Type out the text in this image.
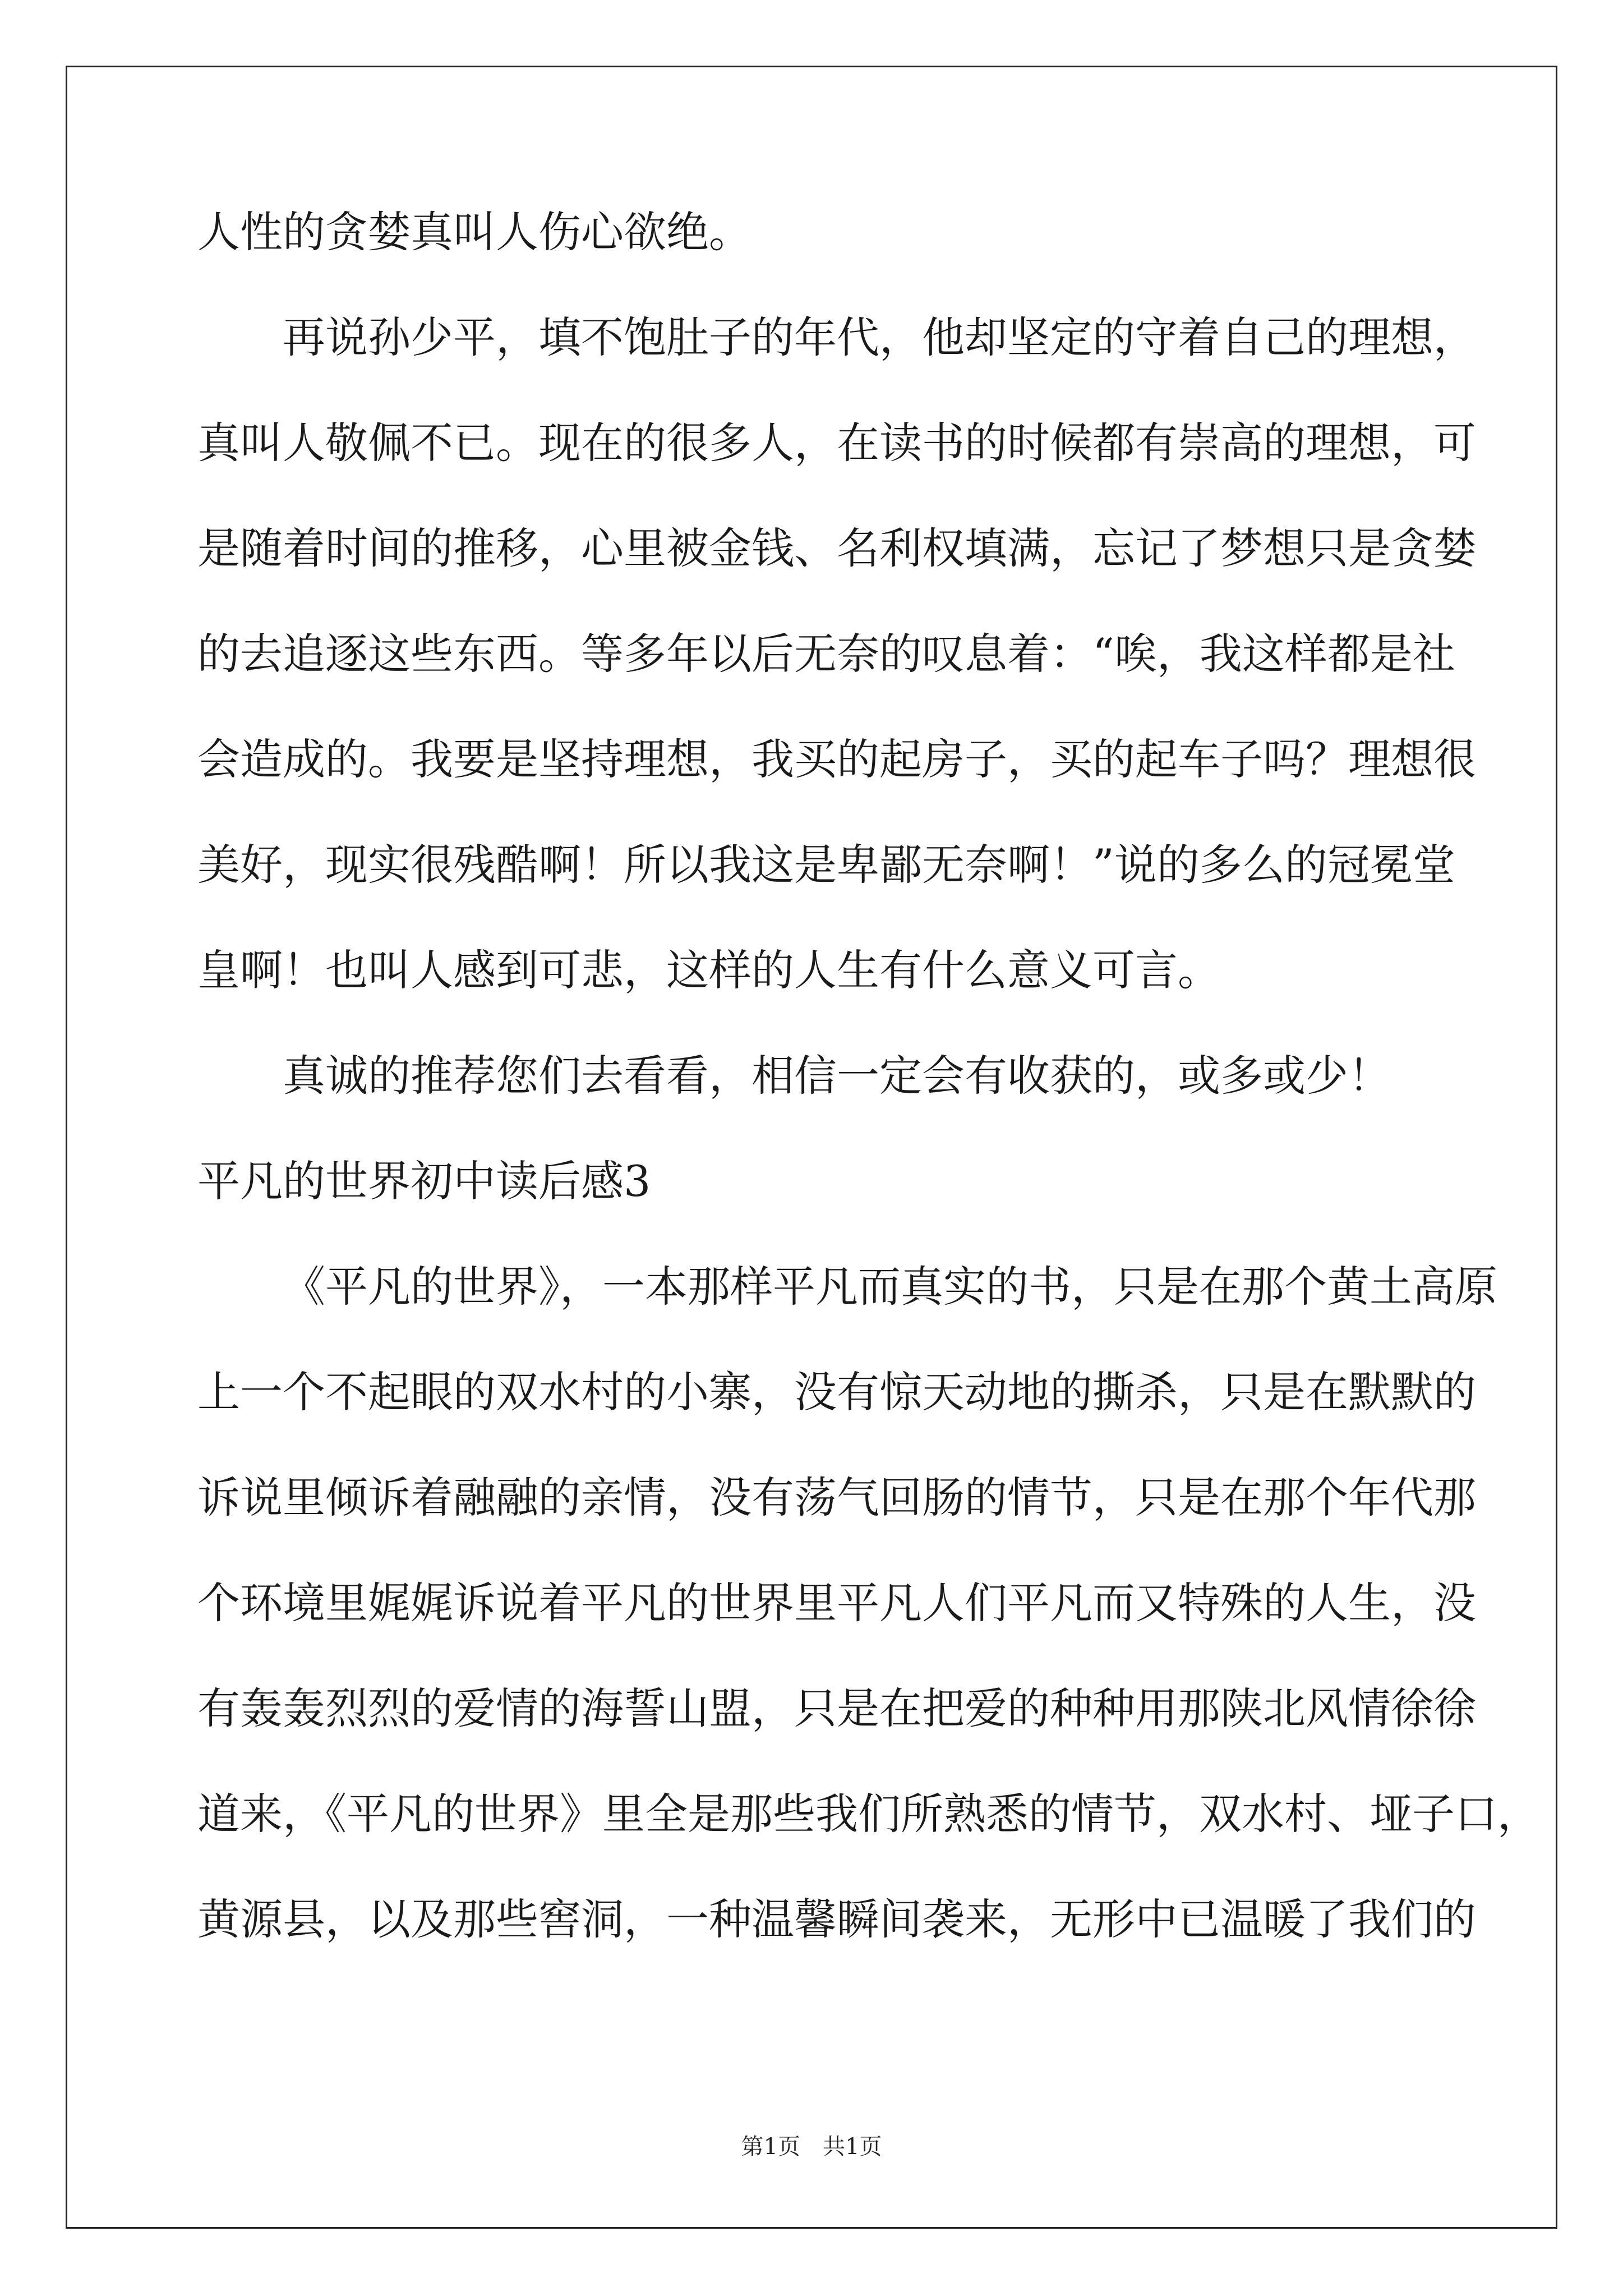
人性的贪婪真叫人伤心欲绝。
再说孙少平，填不饱肚子的年代，他却坚定的守着自己的理想，
真叫人敬佩不已。现在的很多人，在读书的时候都有崇高的理想，可
是随着时间的推移，心里被金钱、名利权填满，忘记了梦想只是贪婪
的去追逐这些东西。等多年以后无奈的叹息着：“唉，我这样都是社
会造成的。我要是坚持理想，我买的起房子，买的起车子吗？理想很
美好，现实很残酷啊！所以我这是卑鄙无奈啊！”说的多么的冠冕堂
皇啊！也叫人感到可悲，这样的人生有什么意义可言。
真诚的推荐您们去看看，相信一定会有收获的，或多或少！
平凡的世界初中读后感3
《平凡的世界》，一本那样平凡而真实的书，只是在那个黄土高原
上一个不起眼的双水村的小寨，没有惊天动地的撕杀，只是在默默的
诉说里倾诉着融融的亲情，没有荡气回肠的情节，只是在那个年代那
个环境里娓娓诉说着平凡的世界里平凡人们平凡而又特殊的人生，没
有轰轰烈烈的爱情的海誓山盟，只是在把爱的种种用那陕北风情徐徐
道来，《平凡的世界》里全是那些我们所熟悉的情节，双水村、垭子口，
黄源县，以及那些窖洞，一种温馨瞬间袭来，无形中已温暖了我们的
第1页 共1页
